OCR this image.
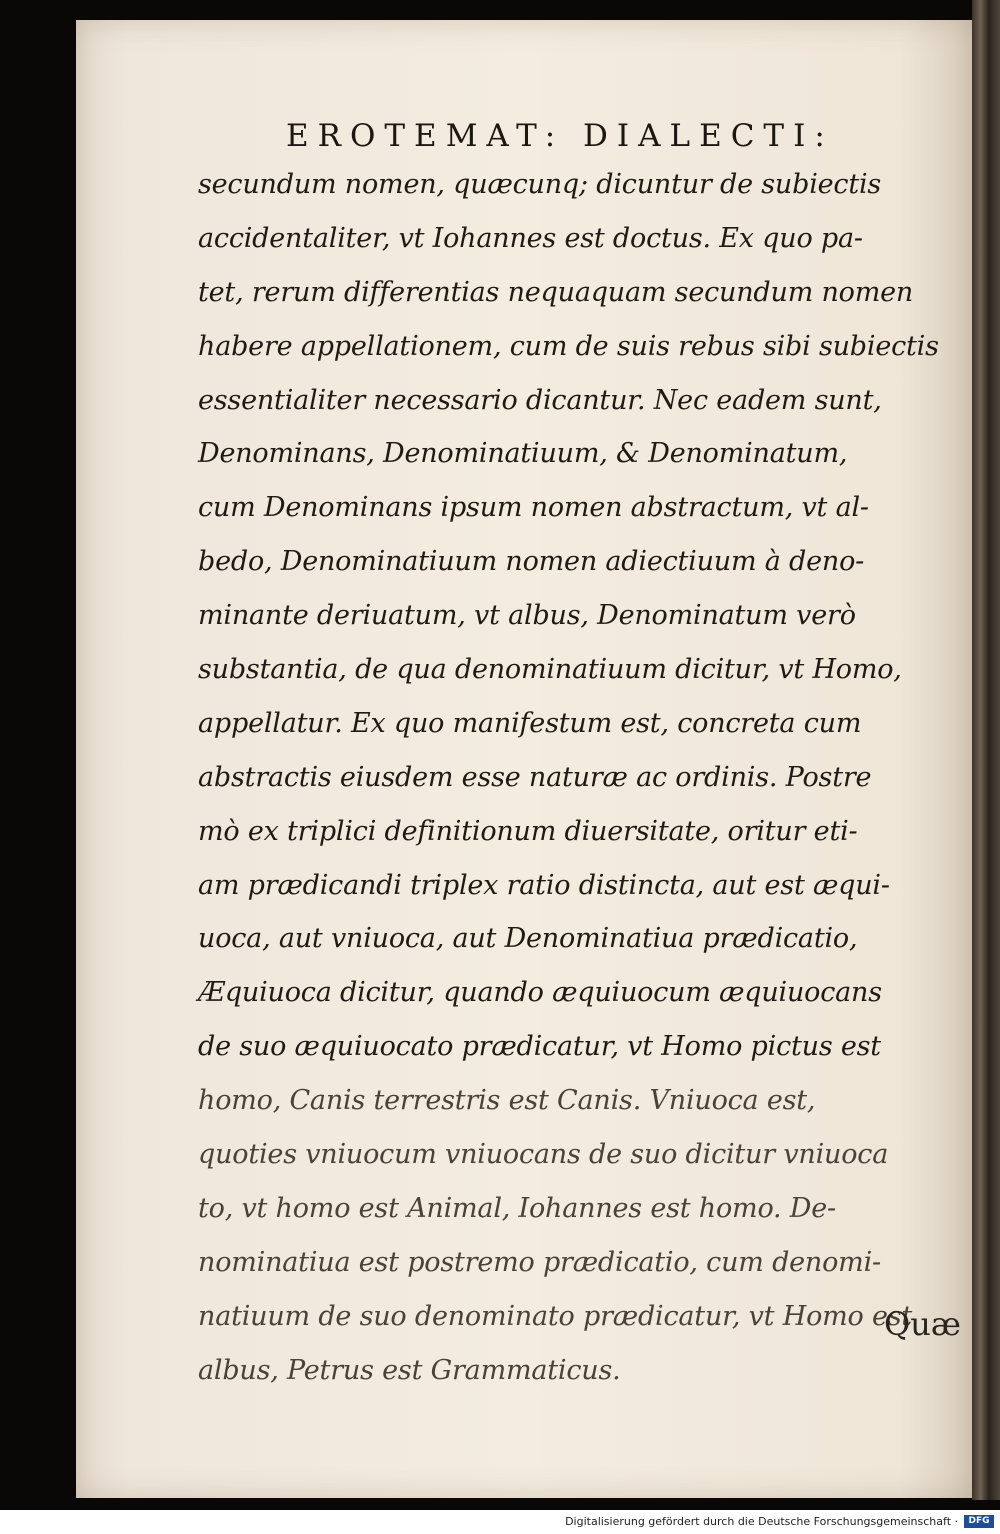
EROTEMAT: DIALECTI:
secundum nomen, quæcunq; dicuntur de subiectis
accidentaliter, vt Iohannes est doctus. Ex quo pa-
tet, rerum differentias nequaquam secundum nomen
habere appellationem, cum de suis rebus sibi subiectis
essentialiter necessario dicantur. Nec eadem sunt,
Denominans, Denominatiuum, & Denominatum,
cum Denominans ipsum nomen abstractum, vt al-
bedo, Denominatiuum nomen adiectiuum à deno-
minante deriuatum, vt albus, Denominatum verò
substantia, de qua denominatiuum dicitur, vt Homo,
appellatur. Ex quo manifestum est, concreta cum
abstractis eiusdem esse naturæ ac ordinis. Postre
mò ex triplici definitionum diuersitate, oritur eti-
am prædicandi triplex ratio distincta, aut est æqui-
uoca, aut vniuoca, aut Denominatiua prædicatio,
Æquiuoca dicitur, quando æquiuocum æquiuocans
de suo æquiuocato prædicatur, vt Homo pictus est
homo, Canis terrestris est Canis. Vniuoca est,
quoties vniuocum vniuocans de suo dicitur vniuoca
to, vt homo est Animal, Iohannes est homo. De-
nominatiua est postremo prædicatio, cum denomi-
natiuum de suo denominato prædicatur, vt Homo est
albus, Petrus est Grammaticus.
Quæ
Digitalisierung gefördert durch die Deutsche Forschungsgemeinschaft ·	DFG
